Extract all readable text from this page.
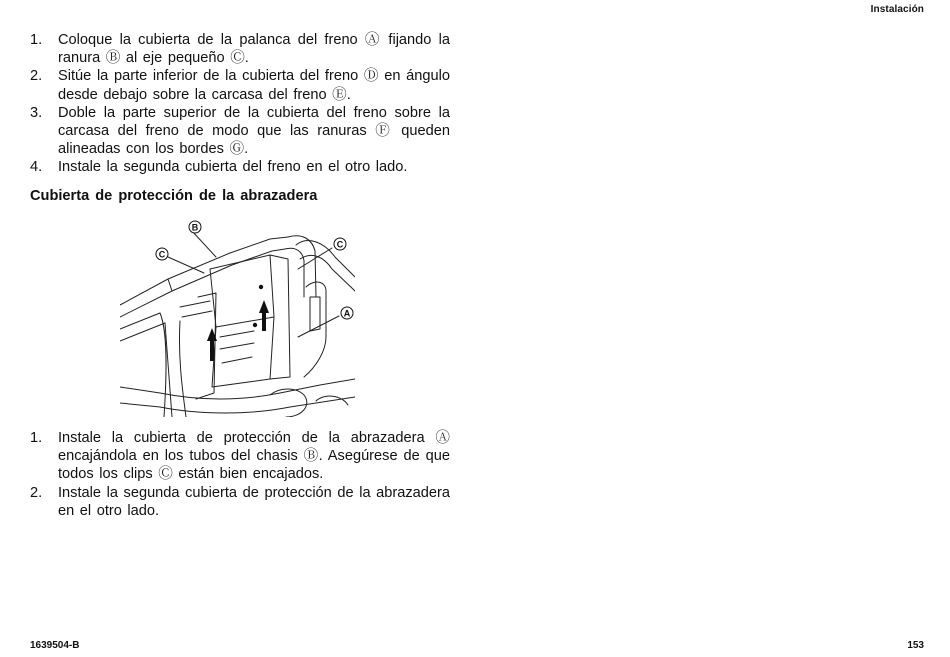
Instalación
1.	Coloque la cubierta de la palanca del freno Ⓐ fijando la ranura Ⓑ al eje pequeño Ⓒ.
2.	Sitúe la parte inferior de la cubierta del freno Ⓓ en ángulo desde debajo sobre la carcasa del freno Ⓔ.
3.	Doble la parte superior de la cubierta del freno sobre la carcasa del freno de modo que las ranuras Ⓕ queden alineadas con los bordes Ⓖ.
4.	Instale la segunda cubierta del freno en el otro lado.
Cubierta de protección de la abrazadera
B
C
C
A
1.	Instale la cubierta de protección de la abrazadera Ⓐ encajándola en los tubos del chasis Ⓑ. Asegúrese de que todos los clips Ⓒ están bien encajados.
2.	Instale la segunda cubierta de protección de la abrazadera en el otro lado.
1639504-B	153
